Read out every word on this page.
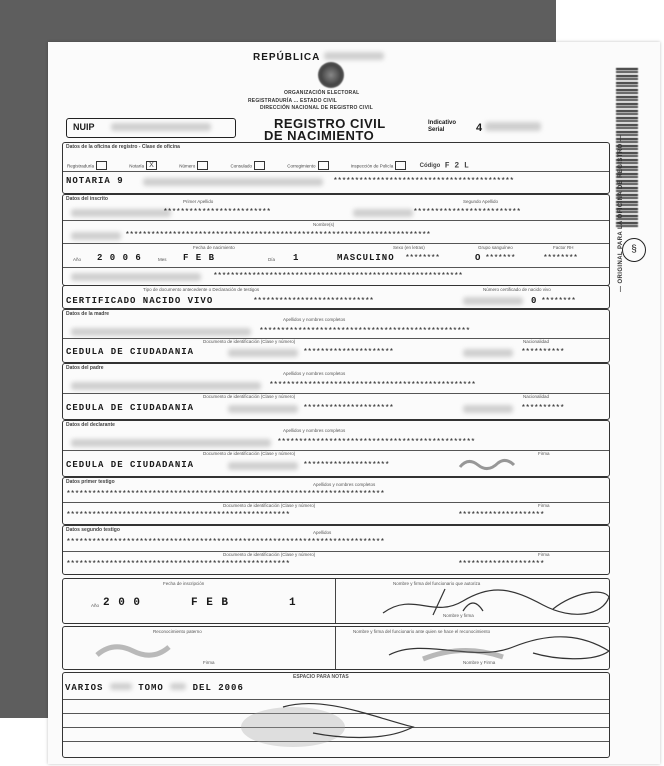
REPÚBLICA
ORGANIZACIÓN ELECTORAL
REGISTRADURÍA ... ESTADO CIVIL
DIRECCIÓN NACIONAL DE REGISTRO CIVIL
NUIP	REGISTRO CIVIL
DE NACIMIENTO
Indicativo
Serial	4
Datos de la oficina de registro - Clase de oficina
Registraduría	Notaría X	Número	Consulado	Corregimiento	Inspección de Policía	Código F 2 L
NOTARIA 9	******************************************
Datos del inscrito	Primer Apellido	Segundo Apellido
*************************	*************************
Nombre(s)
***********************************************************************
Fecha de nacimiento	Sexo (en letras)	Grupo sanguíneo	Factor RH
Año 2 0 0 6	Mes F E B	Día 1	MASCULINO ********	O *******	********
**********************************************************
Tipo de documento antecedente o Declaración de testigos	Número certificado de nacido vivo
CERTIFICADO NACIDO VIVO	****************************	0 ********
Datos de la madre
Apellidos y nombres completos
*************************************************
Documento de identificación (Clase y número)	Nacionalidad
CEDULA DE CIUDADANIA	*********************	**********
Datos del padre
Apellidos y nombres completos
************************************************
Documento de identificación (Clase y número)	Nacionalidad
CEDULA DE CIUDADANIA	*********************	**********
Datos del declarante
Apellidos y nombres completos
**********************************************
Documento de identificación (Clase y número)	Firma
CEDULA DE CIUDADANIA	********************
Datos primer testigo	Apellidos y nombres completos
**************************************************************************
Documento de identificación (Clase y número)	Firma
****************************************************	********************
Datos segundo testigo	Apellidos
**************************************************************************
Documento de identificación (Clase y número)	Firma
****************************************************	********************
Fecha de inscripción	Nombre y firma del funcionario que autoriza
Año 2 0 0	F E B	1
Nombre y firma
Reconocimiento paterno	Nombre y firma del funcionario ante quien se hace el reconocimiento
Firma	Nombre y Firma
ESPACIO PARA NOTAS
VARIOS	TOMO	DEL 2006
§
— ORIGINAL PARA LA OFICINA DE REGISTRO —
